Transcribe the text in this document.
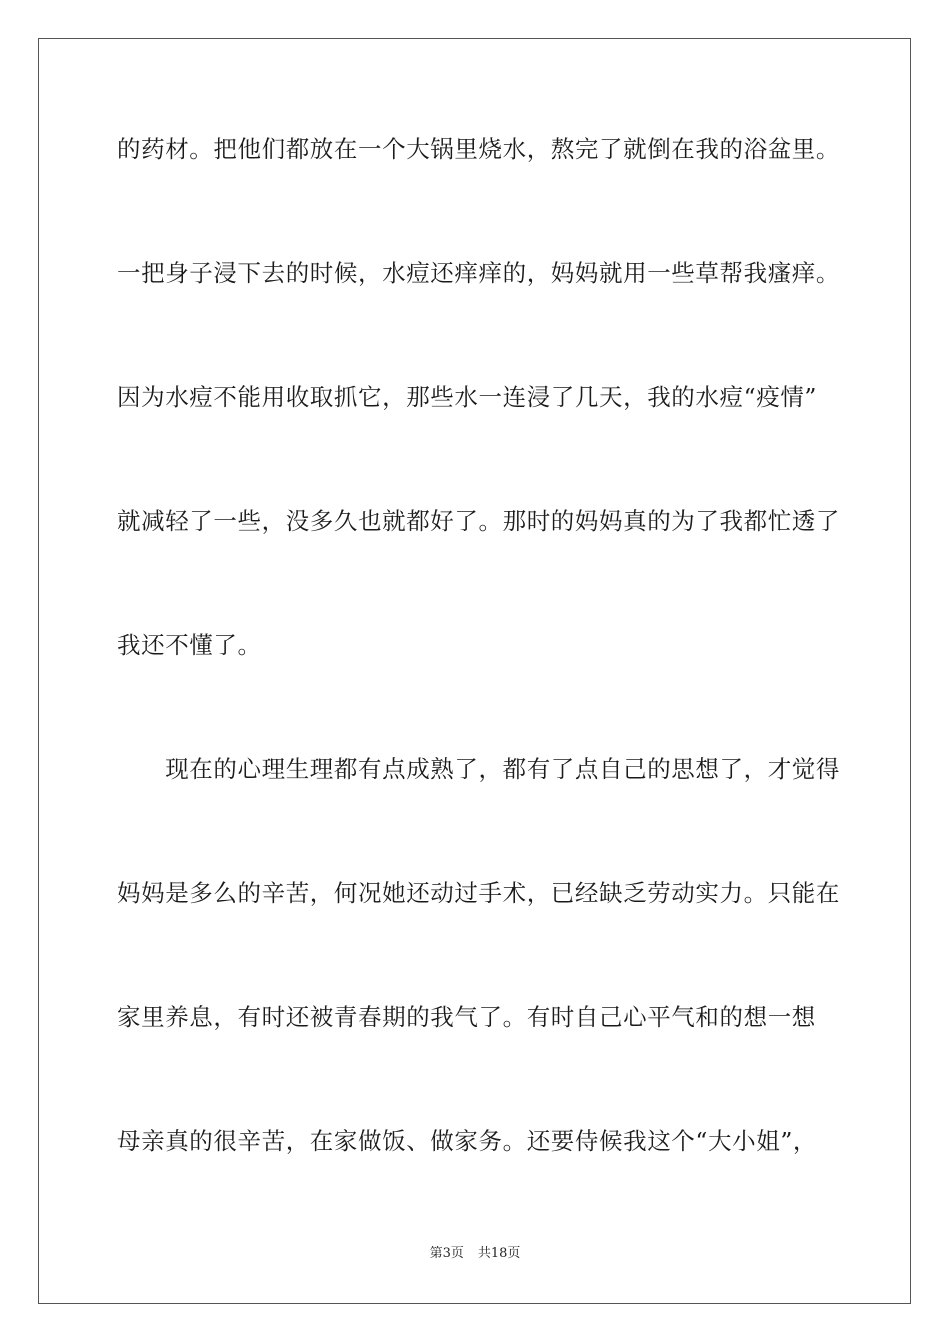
的药材。把他们都放在一个大锅里烧水，熬完了就倒在我的浴盆里。
一把身子浸下去的时候，水痘还痒痒的，妈妈就用一些草帮我瘙痒。
因为水痘不能用收取抓它，那些水一连浸了几天，我的水痘“疫情”
就减轻了一些，没多久也就都好了。那时的妈妈真的为了我都忙透了
我还不懂了。
　　现在的心理生理都有点成熟了，都有了点自己的思想了，才觉得
妈妈是多么的辛苦，何况她还动过手术，已经缺乏劳动实力。只能在
家里养息，有时还被青春期的我气了。有时自己心平气和的想一想
母亲真的很辛苦，在家做饭、做家务。还要侍候我这个“大小姐”，
第3页 共18页
